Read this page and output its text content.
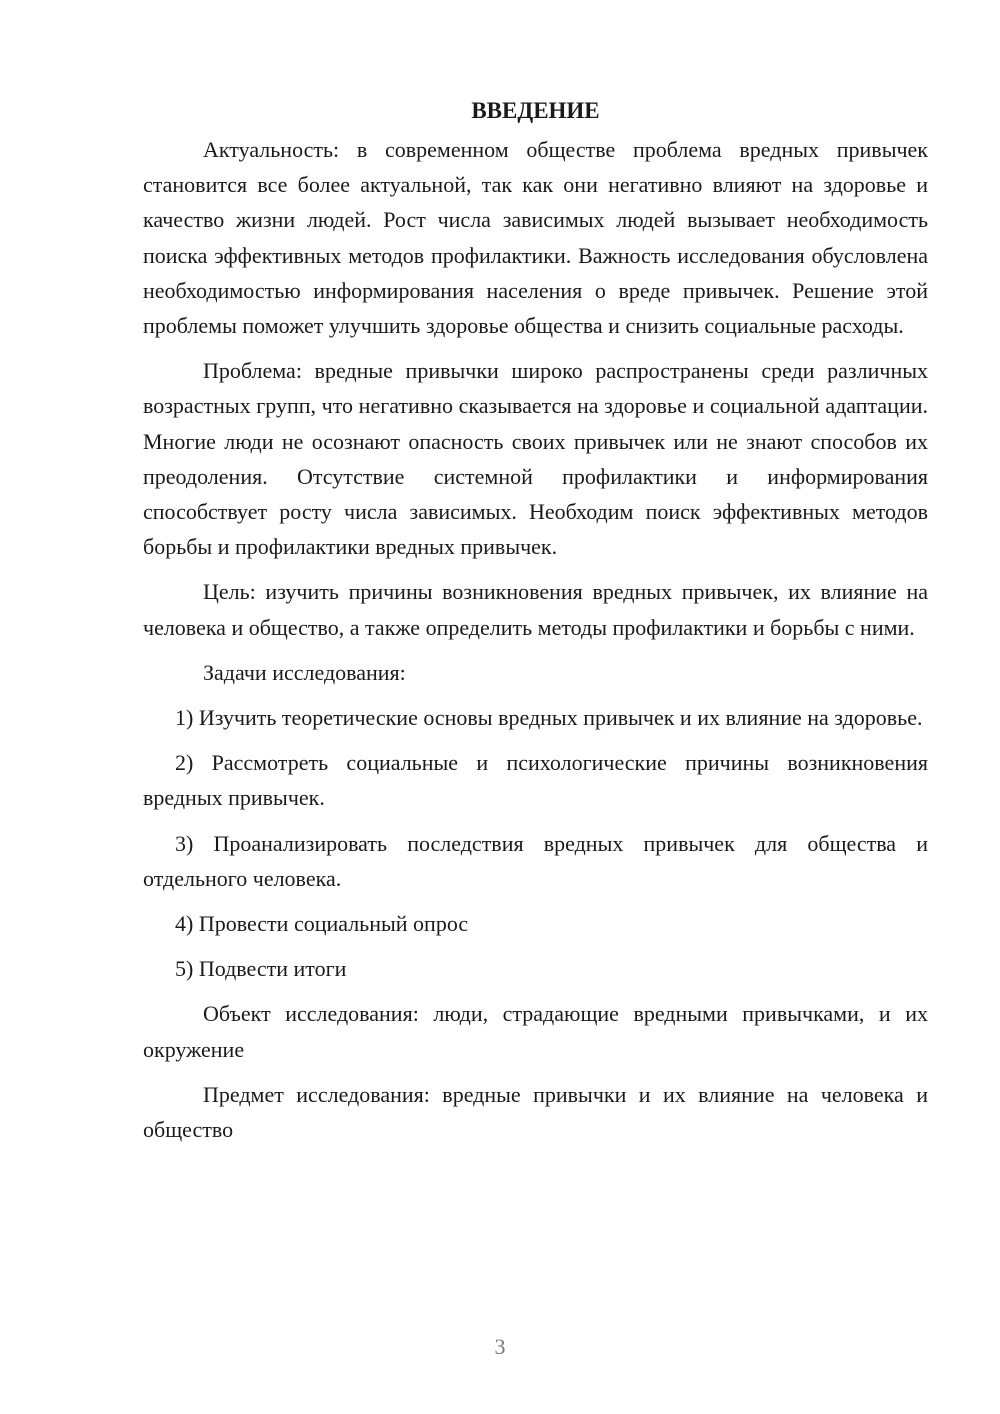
ВВЕДЕНИЕ

Актуальность: в современном обществе проблема вредных привычек становится все более актуальной, так как они негативно влияют на здоровье и качество жизни людей. Рост числа зависимых людей вызывает необходимость поиска эффективных методов профилактики. Важность исследования обусловлена необходимостью информирования населения о вреде привычек. Решение этой проблемы поможет улучшить здоровье общества и снизить социальные расходы.

Проблема: вредные привычки широко распространены среди различных возрастных групп, что негативно сказывается на здоровье и социальной адаптации. Многие люди не осознают опасность своих привычек или не знают способов их преодоления. Отсутствие системной профилактики и информирования способствует росту числа зависимых. Необходим поиск эффективных методов борьбы и профилактики вредных привычек.

Цель: изучить причины возникновения вредных привычек, их влияние на человека и общество, а также определить методы профилактики и борьбы с ними.

Задачи исследования:

1) Изучить теоретические основы вредных привычек и их влияние на здоровье.

2) Рассмотреть социальные и психологические причины возникновения вредных привычек.

3) Проанализировать последствия вредных привычек для общества и отдельного человека.

4) Провести социальный опрос

5) Подвести итоги

Объект исследования: люди, страдающие вредными привычками, и их окружение

Предмет исследования: вредные привычки и их влияние на человека и общество

3
